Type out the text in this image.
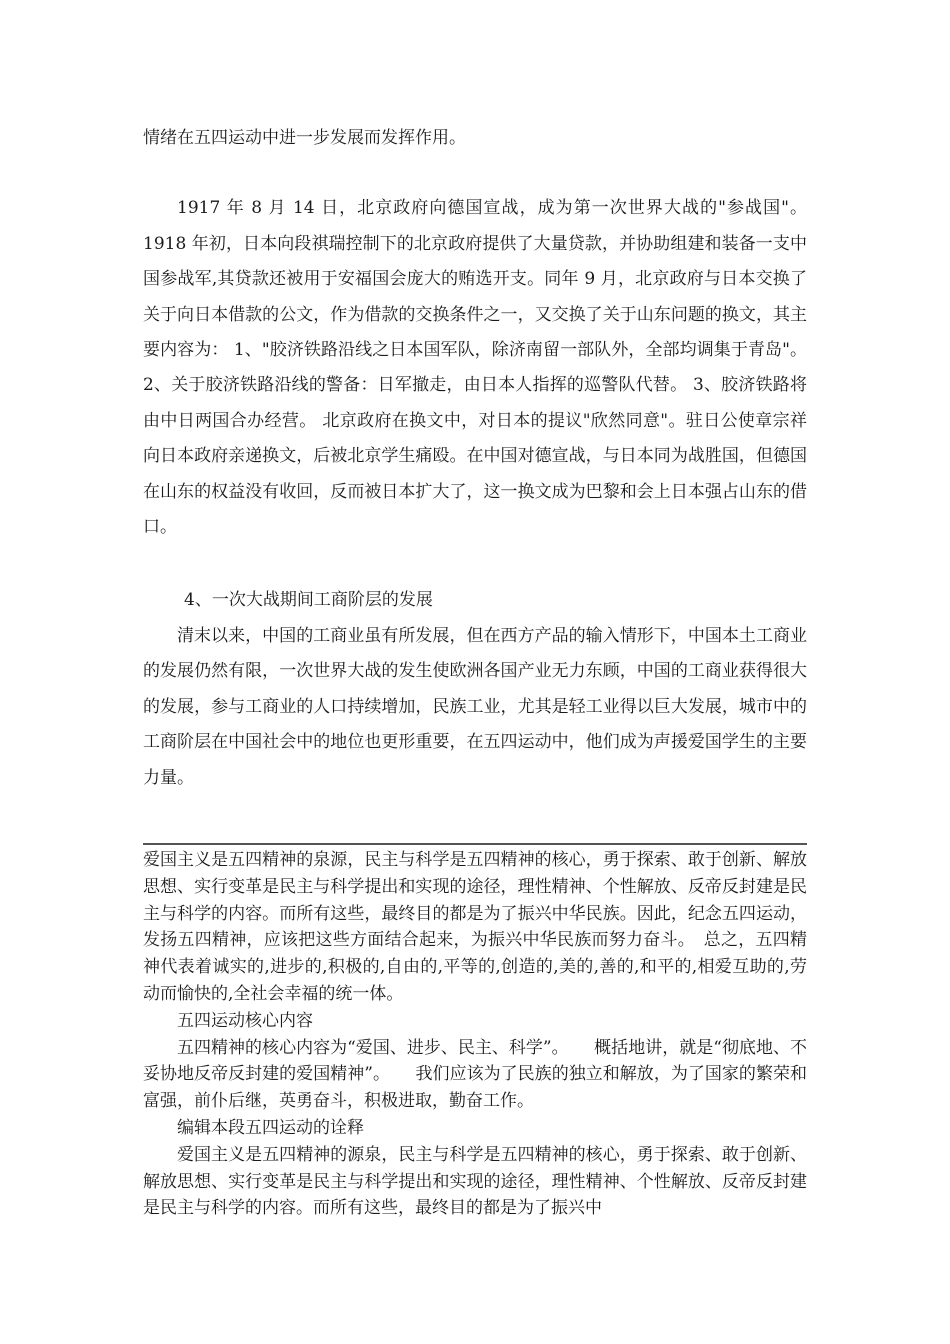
情绪在五四运动中进一步发展而发挥作用。

1917 年 8 月 14 日，北京政府向德国宣战，成为第一次世界大战的"参战国"。1918 年初，日本向段祺瑞控制下的北京政府提供了大量贷款，并协助组建和装备一支中国参战军,其贷款还被用于安福国会庞大的贿选开支。同年 9 月，北京政府与日本交换了关于向日本借款的公文，作为借款的交换条件之一，又交换了关于山东问题的换文，其主要内容为： 1、"胶济铁路沿线之日本国军队，除济南留一部队外，全部均调集于青岛"。2、关于胶济铁路沿线的警备：日军撤走，由日本人指挥的巡警队代替。 3、胶济铁路将由中日两国合办经营。 北京政府在换文中，对日本的提议"欣然同意"。驻日公使章宗祥向日本政府亲递换文，后被北京学生痛殴。在中国对德宣战，与日本同为战胜国，但德国在山东的权益没有收回，反而被日本扩大了，这一换文成为巴黎和会上日本强占山东的借口。

4、一次大战期间工商阶层的发展

清末以来，中国的工商业虽有所发展，但在西方产品的输入情形下，中国本土工商业的发展仍然有限，一次世界大战的发生使欧洲各国产业无力东顾，中国的工商业获得很大的发展，参与工商业的人口持续增加，民族工业，尤其是轻工业得以巨大发展，城市中的工商阶层在中国社会中的地位也更形重要，在五四运动中，他们成为声援爱国学生的主要力量。

爱国主义是五四精神的泉源，民主与科学是五四精神的核心，勇于探索、敢于创新、解放思想、实行变革是民主与科学提出和实现的途径，理性精神、个性解放、反帝反封建是民主与科学的内容。而所有这些，最终目的都是为了振兴中华民族。因此，纪念五四运动，发扬五四精神，应该把这些方面结合起来，为振兴中华民族而努力奋斗。　总之，五四精神代表着诚实的,进步的,积极的,自由的,平等的,创造的,美的,善的,和平的,相爱互助的,劳动而愉快的,全社会幸福的统一体。

五四运动核心内容

五四精神的核心内容为“爱国、进步、民主、科学”。　　概括地讲，就是“彻底地、不妥协地反帝反封建的爱国精神”。　　我们应该为了民族的独立和解放，为了国家的繁荣和富强，前仆后继，英勇奋斗，积极进取，勤奋工作。

编辑本段五四运动的诠释

爱国主义是五四精神的源泉，民主与科学是五四精神的核心，勇于探索、敢于创新、解放思想、实行变革是民主与科学提出和实现的途径，理性精神、个性解放、反帝反封建是民主与科学的内容。而所有这些，最终目的都是为了振兴中
